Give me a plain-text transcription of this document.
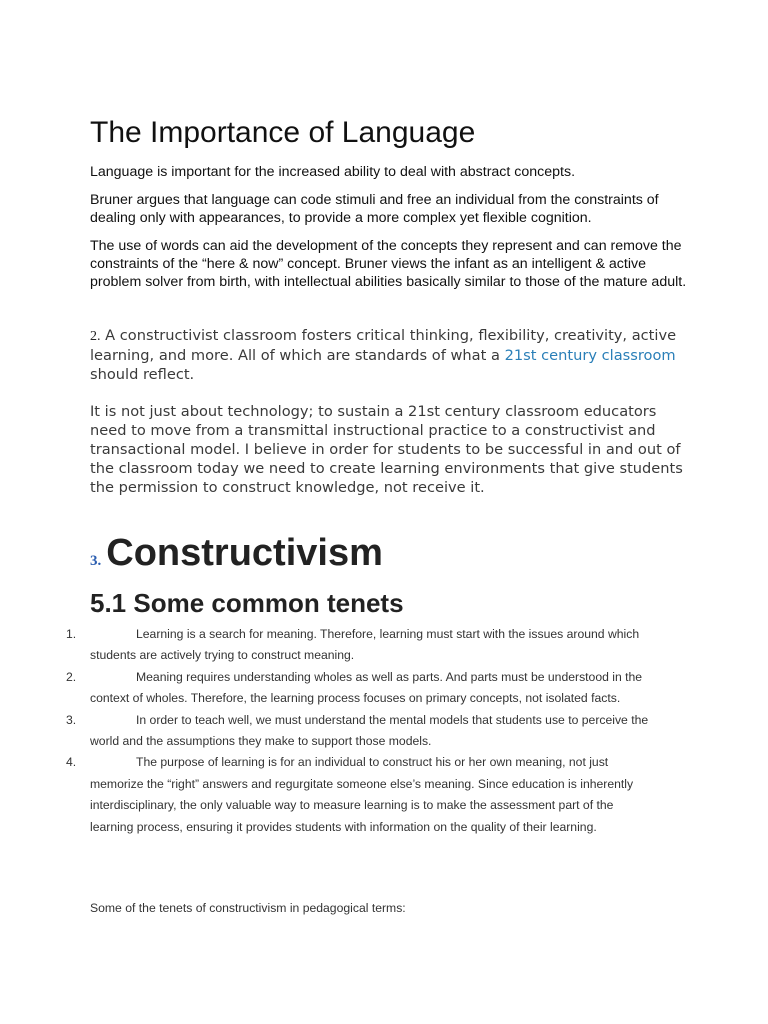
The Importance of Language

Language is important for the increased ability to deal with abstract concepts.

Bruner argues that language can code stimuli and free an individual from the constraints of dealing only with appearances, to provide a more complex yet flexible cognition.

The use of words can aid the development of the concepts they represent and can remove the constraints of the “here & now” concept. Bruner views the infant as an intelligent & active problem solver from birth, with intellectual abilities basically similar to those of the mature adult.

2. A constructivist classroom fosters critical thinking, flexibility, creativity, active learning, and more. All of which are standards of what a 21st century classroom should reflect.

It is not just about technology; to sustain a 21st century classroom educators need to move from a transmittal instructional practice to a constructivist and transactional model. I believe in order for students to be successful in and out of the classroom today we need to create learning environments that give students the permission to construct knowledge, not receive it.

3. Constructivism
5.1 Some common tenets
1.	Learning is a search for meaning. Therefore, learning must start with the issues around which students are actively trying to construct meaning.
2.	Meaning requires understanding wholes as well as parts. And parts must be understood in the context of wholes. Therefore, the learning process focuses on primary concepts, not isolated facts.
3.	In order to teach well, we must understand the mental models that students use to perceive the world and the assumptions they make to support those models.
4.	The purpose of learning is for an individual to construct his or her own meaning, not just memorize the “right” answers and regurgitate someone else’s meaning. Since education is inherently interdisciplinary, the only valuable way to measure learning is to make the assessment part of the learning process, ensuring it provides students with information on the quality of their learning.

Some of the tenets of constructivism in pedagogical terms:
